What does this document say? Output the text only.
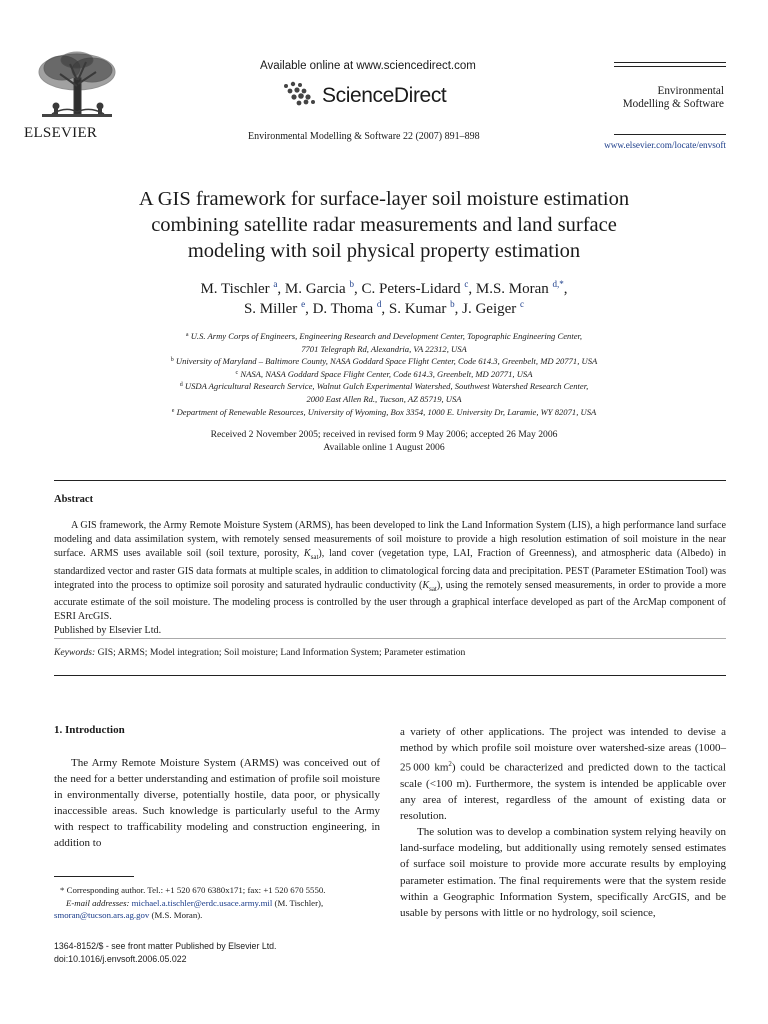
ELSEVIER
Available online at www.sciencedirect.com
ScienceDirect
Environmental Modelling & Software 22 (2007) 891–898
Environmental
Modelling & Software
www.elsevier.com/locate/envsoft
A GIS framework for surface-layer soil moisture estimation
combining satellite radar measurements and land surface
modeling with soil physical property estimation
M. Tischler $^a$, M. Garcia $^b$, C. Peters-Lidard $^c$, M.S. Moran $^{d,*}$,
S. Miller $^e$, D. Thoma $^d$, S. Kumar $^b$, J. Geiger $^c$
$^a$ U.S. Army Corps of Engineers, Engineering Research and Development Center, Topographic Engineering Center,
7701 Telegraph Rd, Alexandria, VA 22312, USA
$^b$ University of Maryland – Baltimore County, NASA Goddard Space Flight Center, Code 614.3, Greenbelt, MD 20771, USA
$^c$ NASA, NASA Goddard Space Flight Center, Code 614.3, Greenbelt, MD 20771, USA
$^d$ USDA Agricultural Research Service, Walnut Gulch Experimental Watershed, Southwest Watershed Research Center,
2000 East Allen Rd., Tucson, AZ 85719, USA
$^e$ Department of Renewable Resources, University of Wyoming, Box 3354, 1000 E. University Dr, Laramie, WY 82071, USA
Received 2 November 2005; received in revised form 9 May 2006; accepted 26 May 2006
Available online 1 August 2006
Abstract

A GIS framework, the Army Remote Moisture System (ARMS), has been developed to link the Land Information System (LIS), a high performance land surface modeling and data assimilation system, with remotely sensed measurements of soil moisture to provide a high resolution estimation of soil moisture in the near surface. ARMS uses available soil (soil texture, porosity, $K_{sat}$), land cover (vegetation type, LAI, Fraction of Greenness), and atmospheric data (Albedo) in standardized vector and raster GIS data formats at multiple scales, in addition to climatological forcing data and precipitation. PEST (Parameter EStimation Tool) was integrated into the process to optimize soil porosity and saturated hydraulic conductivity $(K_{sat})$, using the remotely sensed measurements, in order to provide a more accurate estimate of the soil moisture. The modeling process is controlled by the user through a graphical interface developed as part of the ArcMap component of ESRI ArcGIS.

Published by Elsevier Ltd.
Keywords: GIS; ARMS; Model integration; Soil moisture; Land Information System; Parameter estimation
1. Introduction

The Army Remote Moisture System (ARMS) was conceived out of the need for a better understanding and estimation of profile soil moisture in environmentally diverse, potentially hostile, data poor, or physically inaccessible areas. Such knowledge is particularly useful to the Army with respect to trafficability modeling and construction engineering, in addition to

a variety of other applications. The project was intended to devise a method by which profile soil moisture over watershed-size areas (1000–25 000 $km^2$) could be characterized and predicted down to the tactical scale (<100 m). Furthermore, the system is intended be applicable over any area of interest, regardless of the amount of existing data or resolution.

The solution was to develop a combination system relying heavily on land-surface modeling, but additionally using remotely sensed estimates of surface soil moisture to provide more accurate results by employing parameter estimation. The final requirements were that the system reside within a Geographic Information System, specifically ArcGIS, and be usable by persons with little or no hydrology, soil science,

* Corresponding author. Tel.: +1 520 670 6380x171; fax: +1 520 670 5550.
E-mail addresses: michael.a.tischler@erdc.usace.army.mil (M. Tischler),
smoran@tucson.ars.ag.gov (M.S. Moran).
1364-8152/$ - see front matter Published by Elsevier Ltd.
doi:10.1016/j.envsoft.2006.05.022
